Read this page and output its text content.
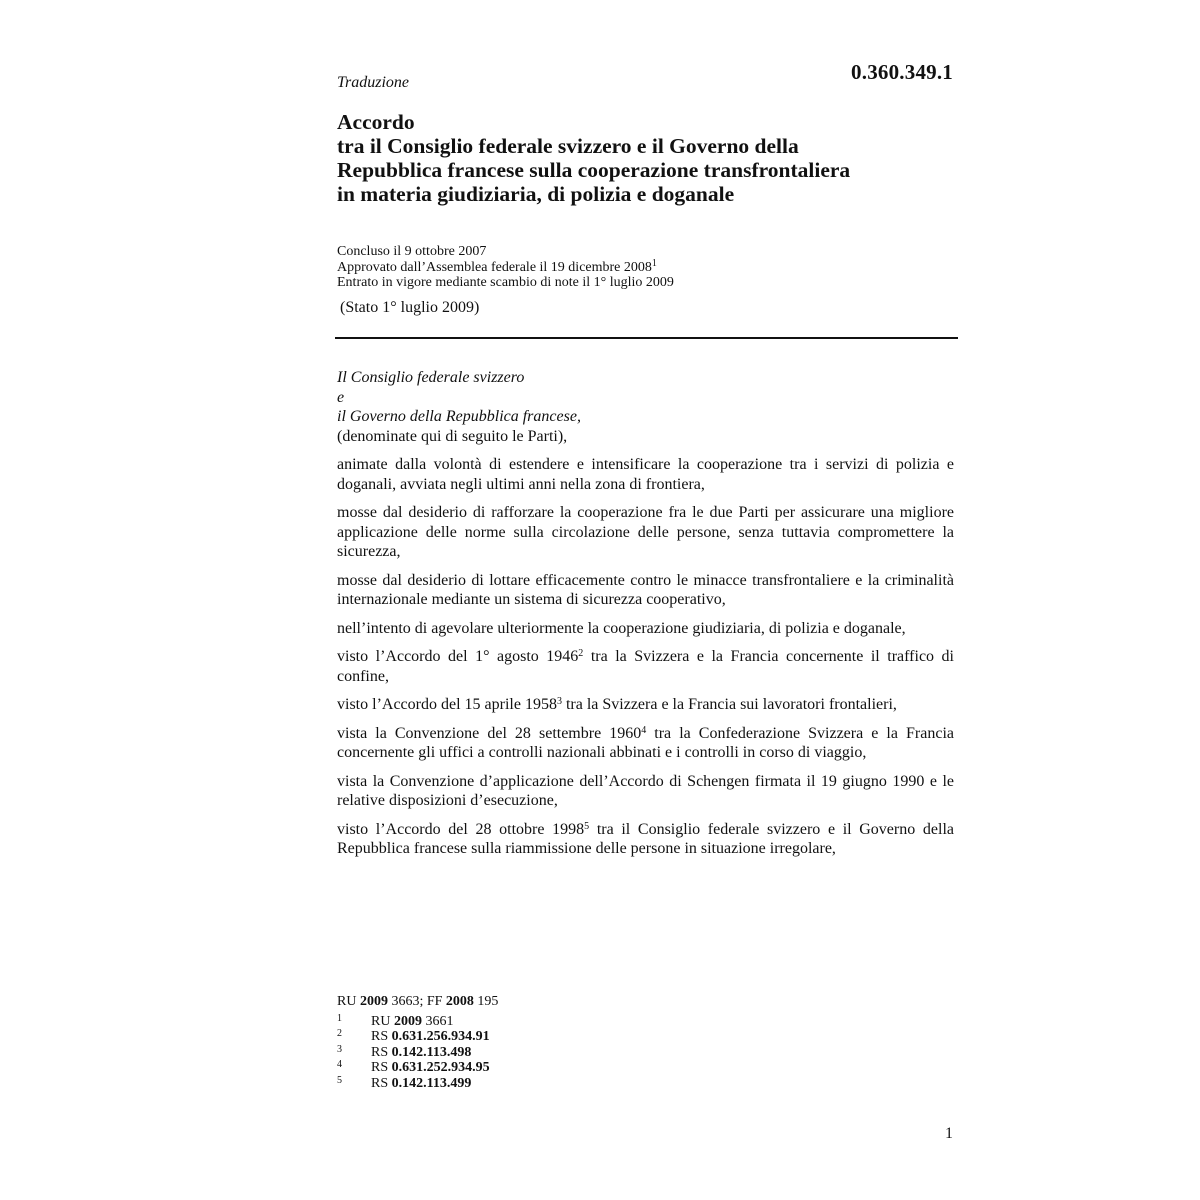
0.360.349.1
Traduzione
Accordo
tra il Consiglio federale svizzero e il Governo della
Repubblica francese sulla cooperazione transfrontaliera
in materia giudiziaria, di polizia e doganale
Concluso il 9 ottobre 2007
Approvato dall’Assemblea federale il 19 dicembre 2008$^1$
Entrato in vigore mediante scambio di note il 1° luglio 2009
(Stato 1° luglio 2009)
Il Consiglio federale svizzero
e
il Governo della Repubblica francese,
(denominate qui di seguito le Parti),
animate dalla volontà di estendere e intensificare la cooperazione tra i servizi di polizia e doganali, avviata negli ultimi anni nella zona di frontiera,
mosse dal desiderio di rafforzare la cooperazione fra le due Parti per assicurare una migliore applicazione delle norme sulla circolazione delle persone, senza tuttavia compromettere la sicurezza,
mosse dal desiderio di lottare efficacemente contro le minacce transfrontaliere e la criminalità internazionale mediante un sistema di sicurezza cooperativo,
nell’intento di agevolare ulteriormente la cooperazione giudiziaria, di polizia e doganale,
visto l’Accordo del 1° agosto 1946$^2$ tra la Svizzera e la Francia concernente il traffico di confine,
visto l’Accordo del 15 aprile 1958$^3$ tra la Svizzera e la Francia sui lavoratori frontalieri,
vista la Convenzione del 28 settembre 1960$^4$ tra la Confederazione Svizzera e la Francia concernente gli uffici a controlli nazionali abbinati e i controlli in corso di viaggio,
vista la Convenzione d’applicazione dell’Accordo di Schengen firmata il 19 giugno 1990 e le relative disposizioni d’esecuzione,
visto l’Accordo del 28 ottobre 1998$^5$ tra il Consiglio federale svizzero e il Governo della Repubblica francese sulla riammissione delle persone in situazione irregolare,
RU 2009 3663; FF 2008 195
1	RU 2009 3661
2	RS 0.631.256.934.91
3	RS 0.142.113.498
4	RS 0.631.252.934.95
5	RS 0.142.113.499
1
